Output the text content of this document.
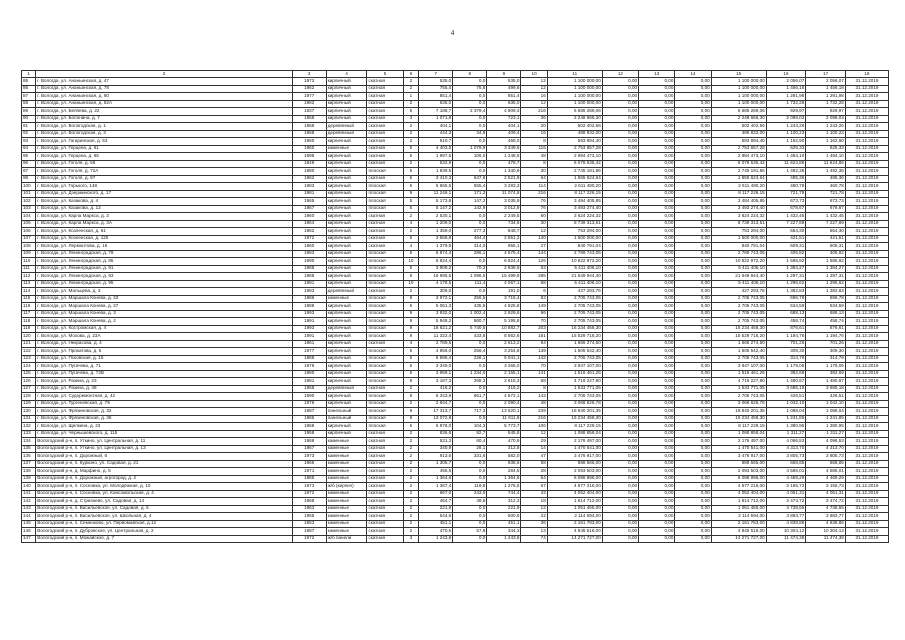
4
1	2	3	4	5	6	7	8	9	10	11	12	13	14	15	16	17	18
85	г. Вологда, ул. Ананьинская, д. 47	1973	кирпичный	скатная	2	535,0	0,0	535,0	12	1 100 000,00	0,00	0,00	0,00	1 100 000,00	2 056,07	2 056,07	31.12.2019
86	г. Вологда, ул. Ананьинская, д. 78	1962	кирпичный	скатная	2	755,4	75,8	499,6	12	1 100 000,00	0,00	0,00	0,00	1 100 000,00	1 456,18	1 456,18	31.12.2019
87	г. Вологда, ул. Ананьинская, д. 80	1977	кирпичный	скатная	1	851,4	0,0	851,4	16	1 100 000,00	0,00	0,00	0,00	1 100 000,00	1 291,98	1 291,98	31.12.2019
88	г. Вологда, ул. Ананьинская, д. 82А	1982	кирпичный	скатная	2	635,0	0,0	635,0	12	1 100 000,00	0,00	0,00	0,00	1 100 000,00	1 732,28	1 732,28	31.12.2019
89	г. Вологда, ул. Беляева, д. 22	1937	кирпичный	скатная	5	7 188,7	2 379,4	4 809,3	216	6 685 289,06	0,00	0,00	0,00	6 685 289,06	929,97	929,97	31.12.2019
90	г. Вологда, ул. Болонина, д. 7	1958	кирпичный	скатная	3	1 071,8	0,0	723,1	36	2 248 666,30	0,00	0,00	0,00	2 248 666,30	2 098,03	2 098,03	31.12.2019
91	г. Вологда, ул. Вологодская, д. 1	1958	деревянный	скатная	2	404,1	0,0	404,1	20	502 402,56	0,00	0,00	0,00	502 402,56	1 243,26	1 243,26	31.12.2019
92	г. Вологда, ул. Вологодская, д. 3	1958	деревянный	скатная	2	444,3	34,9	409,4	16	488 832,00	0,00	0,00	0,00	488 832,00	1 100,23	1 100,23	31.12.2019
93	г. Вологда, ул. Гагаринская, д. 53	1950	кирпичный	скатная	2	510,7	0,0	458,0	8	593 894,40	0,00	0,00	0,00	593 894,40	1 162,90	1 162,90	31.12.2019
94	г. Вологда, ул. Герцена, д. 61	1960	каменные	скатная	5	4 403,5	1 079,9	3 349,6	116	2 753 657,28	0,00	0,00	0,00	2 753 657,28	625,33	625,33	31.12.2019
95	г. Вологда, ул. Герцена, д. 65	1998	кирпичный	скатная	5	1 997,5	106,0	1 248,6	48	2 984 473,10	0,00	0,00	0,00	2 984 473,10	1 494,10	1 494,10	31.12.2019
96	г. Вологда, ул. Гоголя, д. 58	1949	кирпичный	скатная	2	532,9	0,0	478,7	8	6 078 535,42	0,00	0,00	0,00	6 078 535,42	11 624,86	11 624,86	31.12.2019
97	г. Вологда, ул. Гоголя, д. 72А	1980	кирпичный	плоская	5	1 839,5	0,0	1 340,9	30	2 745 191,86	0,00	0,00	0,00	2 745 191,86	1 492,36	1 492,36	31.12.2019
98	г. Вологда, ул. Гоголя, д. 97	1962	кирпичный	скатная	5	3 410,3	647,8	2 521,9	64	1 655 624,64	0,00	0,00	0,00	1 655 624,64	485,36	485,36	31.12.2019
100	г. Вологда, ул. Горького, 148	1983	кирпичный	плоская	5	5 665,5	555,4	3 283,3	114	2 611 480,20	0,00	0,00	0,00	2 611 480,20	460,78	460,78	31.12.2019
101	г. Вологда, ул. Дзержинского, д. 17	1981	кирпичный	плоская	9	11 246,1	171,3	11 074,8	216	8 117 226,15	0,00	0,00	0,00	8 117 226,15	721,78	721,78	31.12.2019
102	г. Вологда, ул. Казакова, д. 4	1965	кирпичный	плоская	5	5 173,8	147,2	3 035,9	76	3 484 405,85	0,00	0,00	0,00	3 484 405,85	673,73	673,73	31.12.2019
103	г. Вологда, ул. Казакова, д. 12	1967	кирпичный	плоская	5	5 147,2	142,9	3 012,9	76	3 493 274,40	0,00	0,00	0,00	3 493 274,40	678,67	678,67	31.12.2019
104	г. Вологда, ул. Карла Маркса, д. 3	1960	кирпичный	скатная	2	2 530,1	0,0	2 249,5	60	3 624 224,32	0,00	0,00	0,00	3 624 224,32	1 432,45	1 432,45	31.12.2019
105	г. Вологда, ул. Карла Маркса, д. 3А	1964	кирпичный	скатная	4	1 209,0	0,0	734,6	30	8 739 313,51	0,00	0,00	0,00	8 739 313,51	7 227,89	7 227,89	31.12.2019
106	г. Вологда, ул. Козленская, д. 61	1952	кирпичный	скатная	2	1 359,0	277,3	848,7	12	753 294,00	0,00	0,00	0,00	753 294,00	554,30	554,30	31.12.2019
107	г. Вологда, ул. Козленская, д. 125	1972	кирпичный	скатная	5	3 558,8	464,4	2 551,2	140	1 500 000,00	0,00	0,00	0,00	1 500 000,00	421,51	421,51	31.12.2019
108	г. Вологда, ул. Лермонтова, д. 16	1960	кирпичный	скатная	4	1 379,9	314,0	955,1	27	840 791,04	0,00	0,00	0,00	840 791,04	609,31	609,31	31.12.2019
109	г. Вологда, ул. Ленинградская, д. 79	1983	кирпичный	плоская	5	6 874,4	286,1	4 675,4	144	2 789 743,05	0,00	0,00	0,00	2 789 743,05	405,82	405,82	31.12.2019
110	г. Вологда, ул. Ленинградская, д. 85	1990	кирпичный	плоская	10	6 824,4	0,0	6 824,4	126	10 822 972,20	0,00	0,00	0,00	10 822 972,20	1 585,92	1 585,92	31.12.2019
111	г. Вологда, ул. Ленинградская, д. 91	1988	кирпичный	плоская	5	3 909,2	70,3	2 838,9	63	5 411 406,10	0,00	0,00	0,00	5 411 406,10	1 384,27	1 384,27	31.12.2019
112	г. Вологда, ул. Ленинградская, д. 93	1988	кирпичный	плоская	9	16 695,5	1 096,5	15 499,8	285	21 649 944,40	0,00	0,00	0,00	21 649 944,40	1 297,31	1 297,31	31.12.2019
113	г. Вологда, ул. Ленинградская, д. 95	1991	кирпичный	плоская	10	4 178,5	111,4	4 067,1	68	5 411 406,10	0,00	0,00	0,00	5 411 406,10	1 296,62	1 296,62	31.12.2019
114	г. Вологда, ул. Мальцева, д. 3	1993	деревянный	скатная	2	309,0	0,0	191,0	6	427 293,76	0,00	0,00	0,00	427 293,76	1 382,83	1 382,83	31.12.2019
115	г. Вологда, ул. Маршала Конева, д. 23	1986	каменные	плоская	9	3 972,1	256,5	3 715,4	83	2 705 743,05	0,00	0,00	0,00	2 705 743,05	696,78	696,78	31.12.2019
116	г. Вологда, ул. Маршала Конева, д. 27	1988	кирпичный	плоская	5	5 061,3	435,5	4 625,8	149	2 705 743,05	0,00	0,00	0,00	2 705 743,05	534,59	534,59	31.12.2019
117	г. Вологда, ул. Маршала Конева, д. 3	1993	кирпичный	плоская	9	3 932,0	1 002,4	2 929,6	66	2 705 743,05	0,00	0,00	0,00	2 705 743,05	688,13	688,13	31.12.2019
118	г. Вологда, ул. Маршала Конева, д. 2	1991	кирпичный	плоская	9	5 948,2	860,7	5 195,8	70	2 705 743,05	0,00	0,00	0,00	2 705 743,05	458,74	458,74	31.12.2019
119	г. Вологда, ул. Костромская, д. 4	1993	кирпичный	плоская	9	18 621,2	5 740,5	10 882,7	203	16 234 458,30	0,00	0,00	0,00	16 234 458,30	876,61	876,61	31.12.2019
120	г. Вологда, ул. Мохова, д. 23А	1991	кирпичный	плоская	9	11 322,4	433,8	8 562,6	181	15 529 716,20	0,00	0,00	0,00	15 529 716,20	1 194,76	1 194,76	31.12.2019
121	г. Вологда, ул. Некрасова, д. 4	1961	кирпичный	скатная	4	2 789,5	0,0	2 613,2	84	1 666 274,50	0,00	0,00	0,00	1 666 274,50	701,26	701,26	31.12.2019
122	г. Вологда, ул. Прокатова, д. 5	1977	кирпичный	плоская	5	4 856,0	256,4	3 254,8	139	1 505 542,40	0,00	0,00	0,00	1 505 542,40	309,30	309,30	31.12.2019
123	г. Вологда, ул. Псковская, д. 15	1988	кирпичный	плоская	5	8 595,4	228,1	5 041,1	143	2 705 743,05	0,00	0,00	0,00	2 705 743,05	314,79	314,79	31.12.2019
124	г. Вологда, ул. Пугачева, д. 71	1976	кирпичный	плоская	5	3 349,0	0,0	3 266,0	70	3 947 107,00	0,00	0,00	0,00	3 947 107,00	1 179,05	1 179,05	31.12.2019
125	г. Вологда, ул. Пугачева, д. 72В	1980	кирпичный	плоская	5	3 969,1	1 234,0	2 155,1	141	1 516 461,26	0,00	0,00	0,00	1 516 461,26	382,69	382,69	31.12.2019
126	г. Вологда, ул. Разина, д. 23	1981	кирпичный	плоская	9	3 187,3	268,3	2 615,3	68	4 719 227,80	0,00	0,00	0,00	4 719 227,80	1 480,67	1 480,67	31.12.2019
127	г. Вологда, ул. Разина, д. 48	1958	деревянный	скатная	2	416,2	0,0	416,2	8	1 533 771,05	0,00	0,00	0,00	1 533 771,05	3 685,18	3 685,18	31.12.2019
128	г. Вологда, ул. Судоремонтная, д. 42	1990	кирпичный	плоская	9	6 343,9	661,7	4 672,1	143	2 705 743,05	0,00	0,00	0,00	2 705 743,05	426,51	426,51	31.12.2019
129	г. Вологда, ул. Тургеневская, д. 79	1976	кирпичный	плоская	2	2 944,7	0,0	2 090,4	48	3 068 626,78	0,00	0,00	0,00	3 068 626,78	1 042,10	1 042,10	31.12.2019
130	г. Вологда, ул. Фрязиновская, д. 32	1987	панельный	плоская	9	17 313,7	717,3	13 520,1	239	18 840 201,35	0,00	0,00	0,00	18 840 201,35	1 088,04	1 088,04	31.12.2019
131	г. Вологда, ул. Фрязиновская, д. 36	1985	панельный	плоская	9	13 072,8	0,0	11 611,8	216	16 234 458,30	0,00	0,00	0,00	16 234 458,30	1 241,85	1 241,85	31.12.2019
132	г. Вологда, ул. Щепкина, д. 23	1968	кирпичный	плоская	5	5 878,0	104,3	5 773,7	106	8 117 229,15	0,00	0,00	0,00	8 117 229,15	1 380,95	1 380,95	31.12.2019
133	г. Вологда, ул. Чернышевского, д. 115	1958	кирпичный	скатная	2	836,6	82,7	545,8	12	1 088 858,04	0,00	0,00	0,00	1 088 858,04	1 311,27	1 311,27	31.12.2019
134	Вологодский р-н, п. Уткино, ул. Центральная, д. 11	1968	каменные	скатная	2	531,3	60,4	470,9	29	2 176 497,00	0,00	0,00	0,00	2 176 497,00	4 096,53	4 096,53	31.12.2019
135	Вологодский р-н, п. Уткино, ул. Центральная, д. 13	1967	каменные	скатная	2	340,9	28,1	312,8	14	1 470 541,00	0,00	0,00	0,00	1 470 541,00	4 313,70	4 313,70	31.12.2019
136	Вологодский р-н, п. Дорожный, 8	1973	каменные	скатная	2	913,6	331,6	582,0	47	3 476 917,00	0,00	0,00	0,00	3 476 917,00	3 805,73	3 805,73	31.12.2019
137	Вологодский р-н, п. Куркино, ул. Садовая, д. 21	1966	каменные	скатная	2	1 305,7	0,0	938,6	58	988 565,00	0,00	0,00	0,00	988 565,00	658,85	658,85	31.12.2019
138	Вологодский р-н, д. Марфино, д. 5	1971	каменные	скатная	2	456,5	0,0	284,5	28	2 093 503,00	0,00	0,00	0,00	2 093 503,00	4 586,01	4 586,01	31.12.2019
139	Вологодский р-н, п. Дорожный, агрогород, д. 2	1985	каменные	скатная	2	1 364,6	0,0	1 364,6	54	6 098 896,00	0,00	0,00	0,00	6 098 896,00	4 469,29	4 469,29	31.12.2019
140	Вологодский р-н, п. Сосновка, ул. Молодёжная, д. 10	1973	ж/б (кирпич)	скатная	2	1 367,4	119,8	1 276,5	67	4 577 216,00	0,00	0,00	0,00	4 577 216,00	3 155,73	3 155,73	31.12.2019
141	Вологодский р-н, п. Сосновка, ул. Комсомольская, д. 4	1972	каменные	скатная	2	667,0	243,0	744,4	43	4 052 404,00	0,00	0,00	0,00	4 052 404,00	4 051,31	4 051,31	31.12.2019
142	Вологодский р-н, д. Стризнево, ул. Садовая, д. 14	1968	каменные	скатная	2	464,7	49,6	312,3	18	1 614 712,00	0,00	0,00	0,00	1 614 712,00	3 474,72	3 474,72	31.12.2019
143	Вологодский р-н, п. Васильевское, ул. Садовая, д. 5	1963	каменные	скатная	2	221,9	0,0	221,9	12	1 051 465,00	0,00	0,00	0,00	1 051 465,00	4 738,55	4 738,55	31.12.2019
144	Вологодский р-н, п. Васильевское, ул. Школьная, д. 4	1955	каменные	скатная	2	544,6	0,0	500,6	22	2 114 594,00	0,00	0,00	0,00	2 114 594,00	3 883,77	3 883,77	31.12.2019
145	Вологодский р-н, п. Семенково, ул. Первомайская, д.12	1953	каменные	скатная	2	451,1	0,0	451,1	36	2 161 783,00	0,00	0,00	0,00	2 161 783,00	4 838,86	4 838,86	31.12.2019
146	Вологодский р-н, п. Дубровское, ул. Центральная, д. 2	1987	каменные	скатная	2	470,6	57,8	344,3	13	4 845 516,00	0,00	0,00	0,00	4 845 516,00	10 304,12	10 304,12	31.12.2019
147	Вологодский р-н, п. Можайское, д. 7	1972	ж/б панели	скатная	3	1 243,8	0,0	1 243,8	74	14 271 727,00	0,00	0,00	0,00	14 271 727,00	11 474,38	11 474,38	31.12.2019
